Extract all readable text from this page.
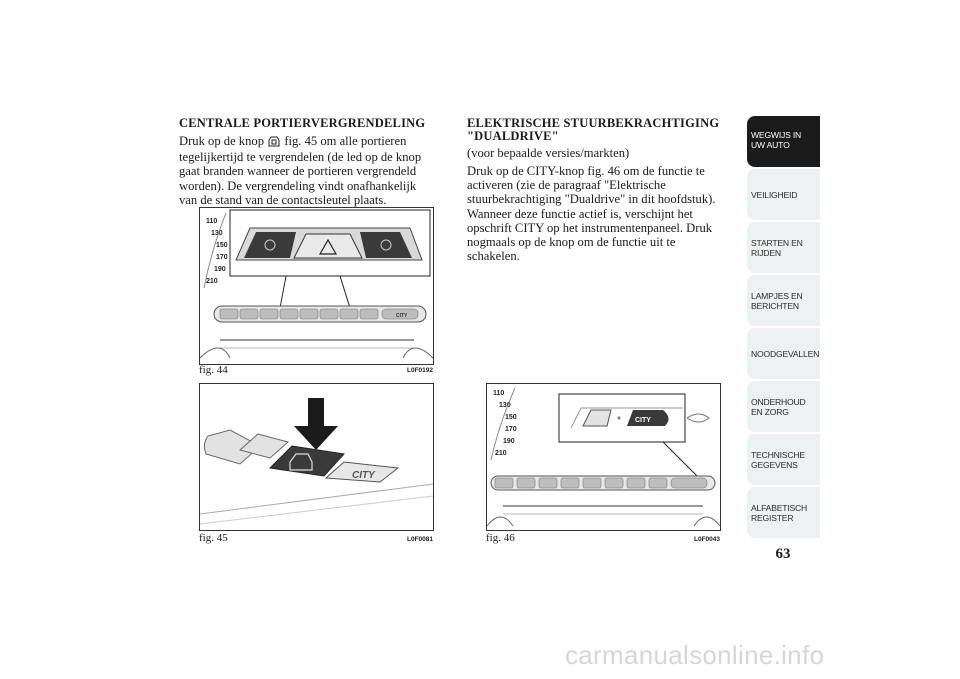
CENTRALE PORTIERVERGRENDELING
Druk op de knop fig. 45 om alle portieren
tegelijkertijd te vergrendelen (de led op de knop
gaat branden wanneer de portieren vergrendeld
worden). De vergrendeling vindt onafhankelijk
van de stand van de contactsleutel plaats.
ELEKTRISCHE STUURBEKRACHTIGING
"DUALDRIVE"
(voor bepaalde versies/markten)
Druk op de CITY-knop fig. 46 om de functie te
activeren (zie de paragraaf "Elektrische
stuurbekrachtiging "Dualdrive" in dit hoofdstuk).
Wanneer deze functie actief is, verschijnt het
opschrift CITY op het instrumentenpaneel. Druk
nogmaals op de knop om de functie uit te
schakelen.
110
130
150
170
190
210
CITY
fig. 44	L0F0192
CITY
fig. 45	L0F0081
110
130
150
170
190
210
CITY
fig. 46	L0F0043
WEGWIJS IN UW AUTO
VEILIGHEID
STARTEN EN RIJDEN
LAMPJES EN BERICHTEN
NOODGEVALLEN
ONDERHOUD EN ZORG
TECHNISCHE GEGEVENS
ALFABETISCH REGISTER
63
carmanualsonline.info
